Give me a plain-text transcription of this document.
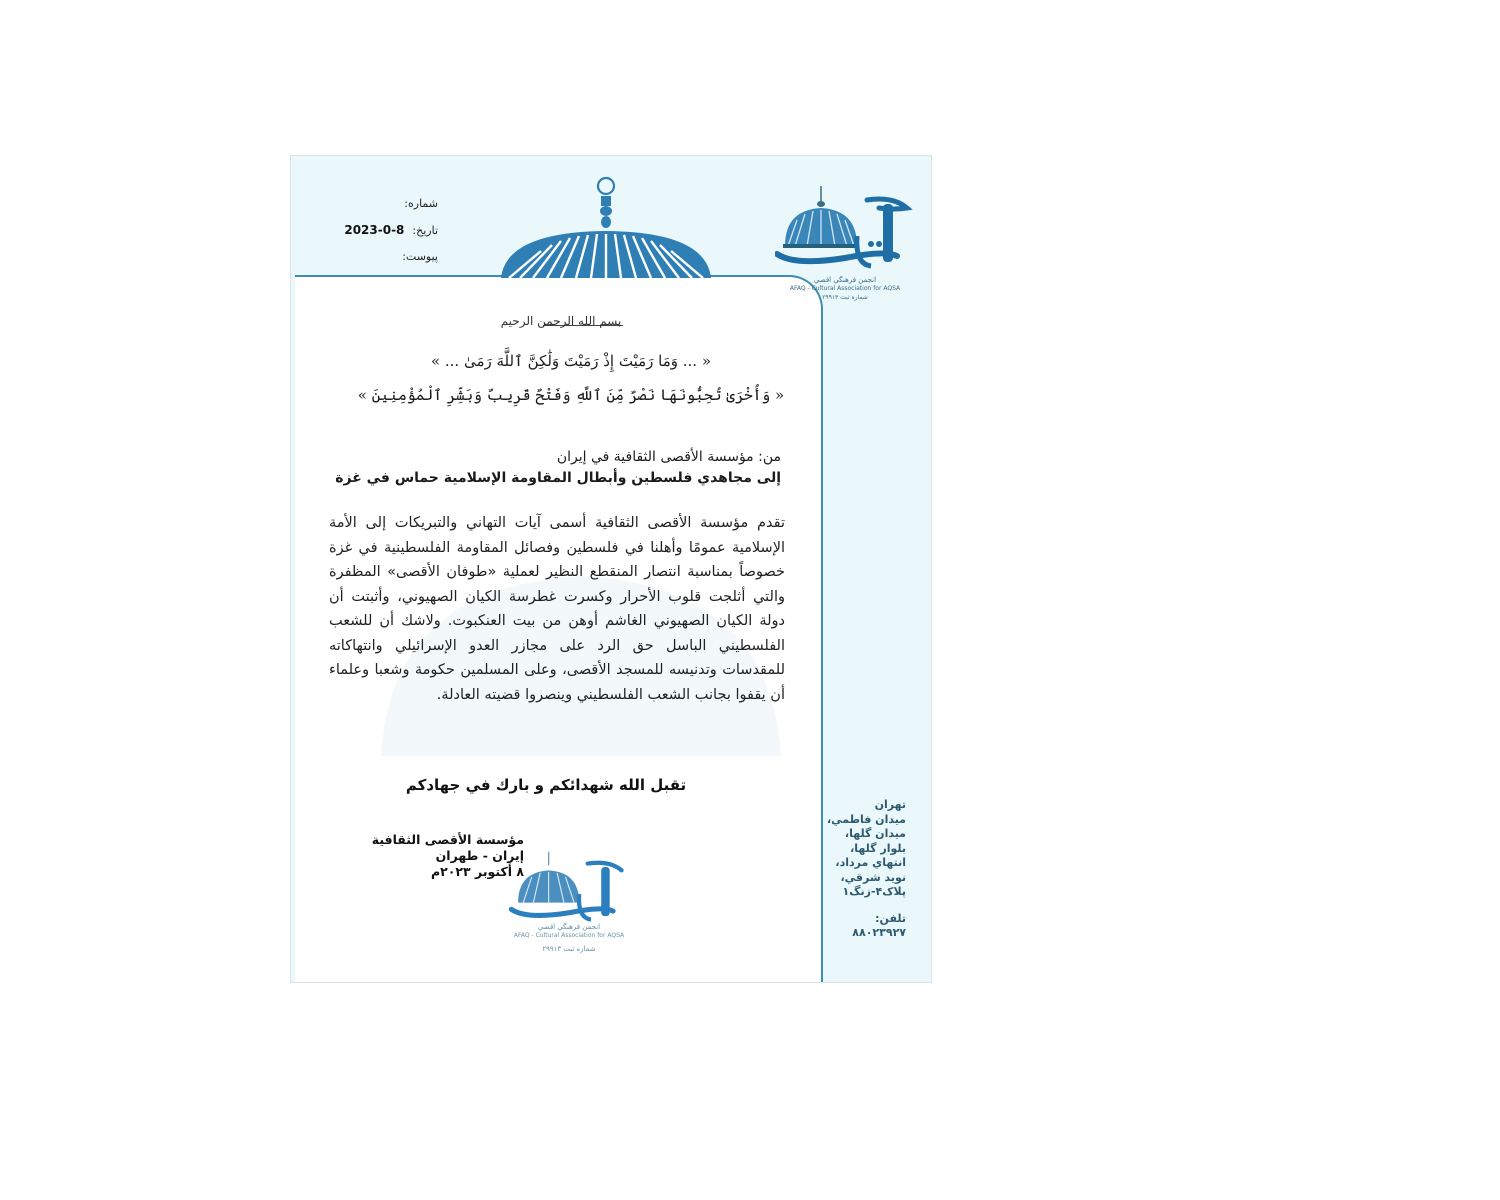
شماره:
تاريخ:2023-0-8
پيوست:
انجمن فرهنگي اقصي
AFAQ - Cultural Association for AQSA
شماره ثبت ۲۹۹۱۳
بسم الله الرحمن الرحيم
« ... وَمَا رَمَيْتَ إِذْ رَمَيْتَ وَلَٰكِنَّ ٱللَّهَ رَمَىٰ ... »
« وَأُخْرَىٰ تُحِبُّونَهَا نَصْرٌ مِّنَ ٱللَّهِ وَفَتْحٌ قَرِيبٌ وَبَشِّرِ ٱلْمُؤْمِنِينَ »
من: مؤسسة الأقصى الثقافية في إيران
إلى مجاهدي فلسطين وأبطال المقاومة الإسلامية حماس في غزة

تقدم مؤسسة الأقصى الثقافية أسمى آيات التهاني والتبريكات إلى الأمة الإسلامية عمومًا وأهلنا في فلسطين وفصائل المقاومة الفلسطينية في غزة خصوصاً بمناسبة انتصار المنقطع النظير لعملية «طوفان الأقصى» المظفرة والتي أثلجت قلوب الأحرار وكسرت غطرسة الكيان الصهيوني، وأثبتت أن دولة الكيان الصهيوني الغاشم أوهن من بيت العنكبوت. ولاشك أن للشعب الفلسطيني الباسل حق الرد على مجازر العدو الإسرائيلي وانتهاكاته للمقدسات وتدنيسه للمسجد الأقصى، وعلى المسلمين حكومة وشعبا وعلماء أن يقفوا بجانب الشعب الفلسطيني وينصروا قضيته العادلة.

تقبل الله شهدائكم و بارك في جهادكم
مؤسسة الأقصى الثقافية
إيران - طهران
٨ أكتوبر ٢٠٢٣م
انجمن فرهنگي اقصي
AFAQ - Cultural Association for AQSA
شماره ثبت ۲۹۹۱۳
تهران
ميدان فاطمي،
ميدان گلها،
بلوار گلها،
انتهاي مرداد،
نويد شرقي،
پلاک۴-زنگ۱
تلفن:
۸۸۰۲۳۹۲۷
